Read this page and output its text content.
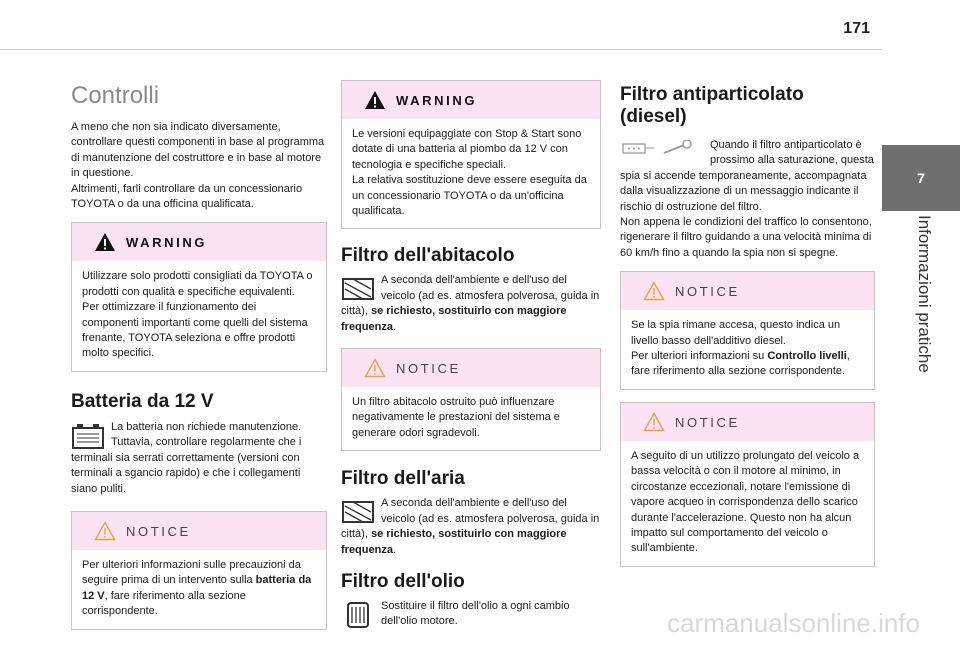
171
7
Informazioni pratiche
Controlli

A meno che non sia indicato diversamente, controllare questi componenti in base al programma di manutenzione del costruttore e in base al motore in questione.
Altrimenti, farli controllare da un concessionario TOYOTA o da una officina qualificata.

WARNING

Utilizzare solo prodotti consigliati da TOYOTA o prodotti con qualità e specifiche equivalenti.
Per ottimizzare il funzionamento dei componenti importanti come quelli del sistema frenante, TOYOTA seleziona e offre prodotti molto specifici.

Batteria da 12 V

La batteria non richiede manutenzione.
Tuttavia, controllare regolarmente che i terminali sia serrati correttamente (versioni con terminali a sgancio rapido) e che i collegamenti siano puliti.

NOTICE

Per ulteriori informazioni sulle precauzioni da seguire prima di un intervento sulla batteria da 12 V, fare riferimento alla sezione corrispondente.

WARNING

Le versioni equipaggiate con Stop & Start sono dotate di una batteria al piombo da 12 V con tecnologia e specifiche speciali.
La relativa sostituzione deve essere eseguita da un concessionario TOYOTA o da un'officina qualificata.

Filtro dell'abitacolo

A seconda dell'ambiente e dell'uso del veicolo (ad es. atmosfera polverosa, guida in città), se richiesto, sostituirlo con maggiore frequenza.

NOTICE

Un filtro abitacolo ostruito può influenzare negativamente le prestazioni del sistema e generare odori sgradevoli.

Filtro dell'aria

A seconda dell'ambiente e dell'uso del veicolo (ad es. atmosfera polverosa, guida in città), se richiesto, sostituirlo con maggiore frequenza.

Filtro dell'olio

Sostituire il filtro dell'olio a ogni cambio dell'olio motore.

Filtro antiparticolato (diesel)

Quando il filtro antiparticolato è prossimo alla saturazione, questa spia si accende temporaneamente, accompagnata dalla visualizzazione di un messaggio indicante il rischio di ostruzione del filtro.
Non appena le condizioni del traffico lo consentono, rigenerare il filtro guidando a una velocità minima di 60 km/h fino a quando la spia non si spegne.

NOTICE

Se la spia rimane accesa, questo indica un livello basso dell'additivo diesel.
Per ulteriori informazioni su Controllo livelli, fare riferimento alla sezione corrispondente.

NOTICE

A seguito di un utilizzo prolungato del veicolo a bassa velocità o con il motore al minimo, in circostanze eccezionali, notare l'emissione di vapore acqueo in corrispondenza dello scarico durante l'accelerazione. Questo non ha alcun impatto sul comportamento del veicolo o sull'ambiente.

carmanualsonline.info
